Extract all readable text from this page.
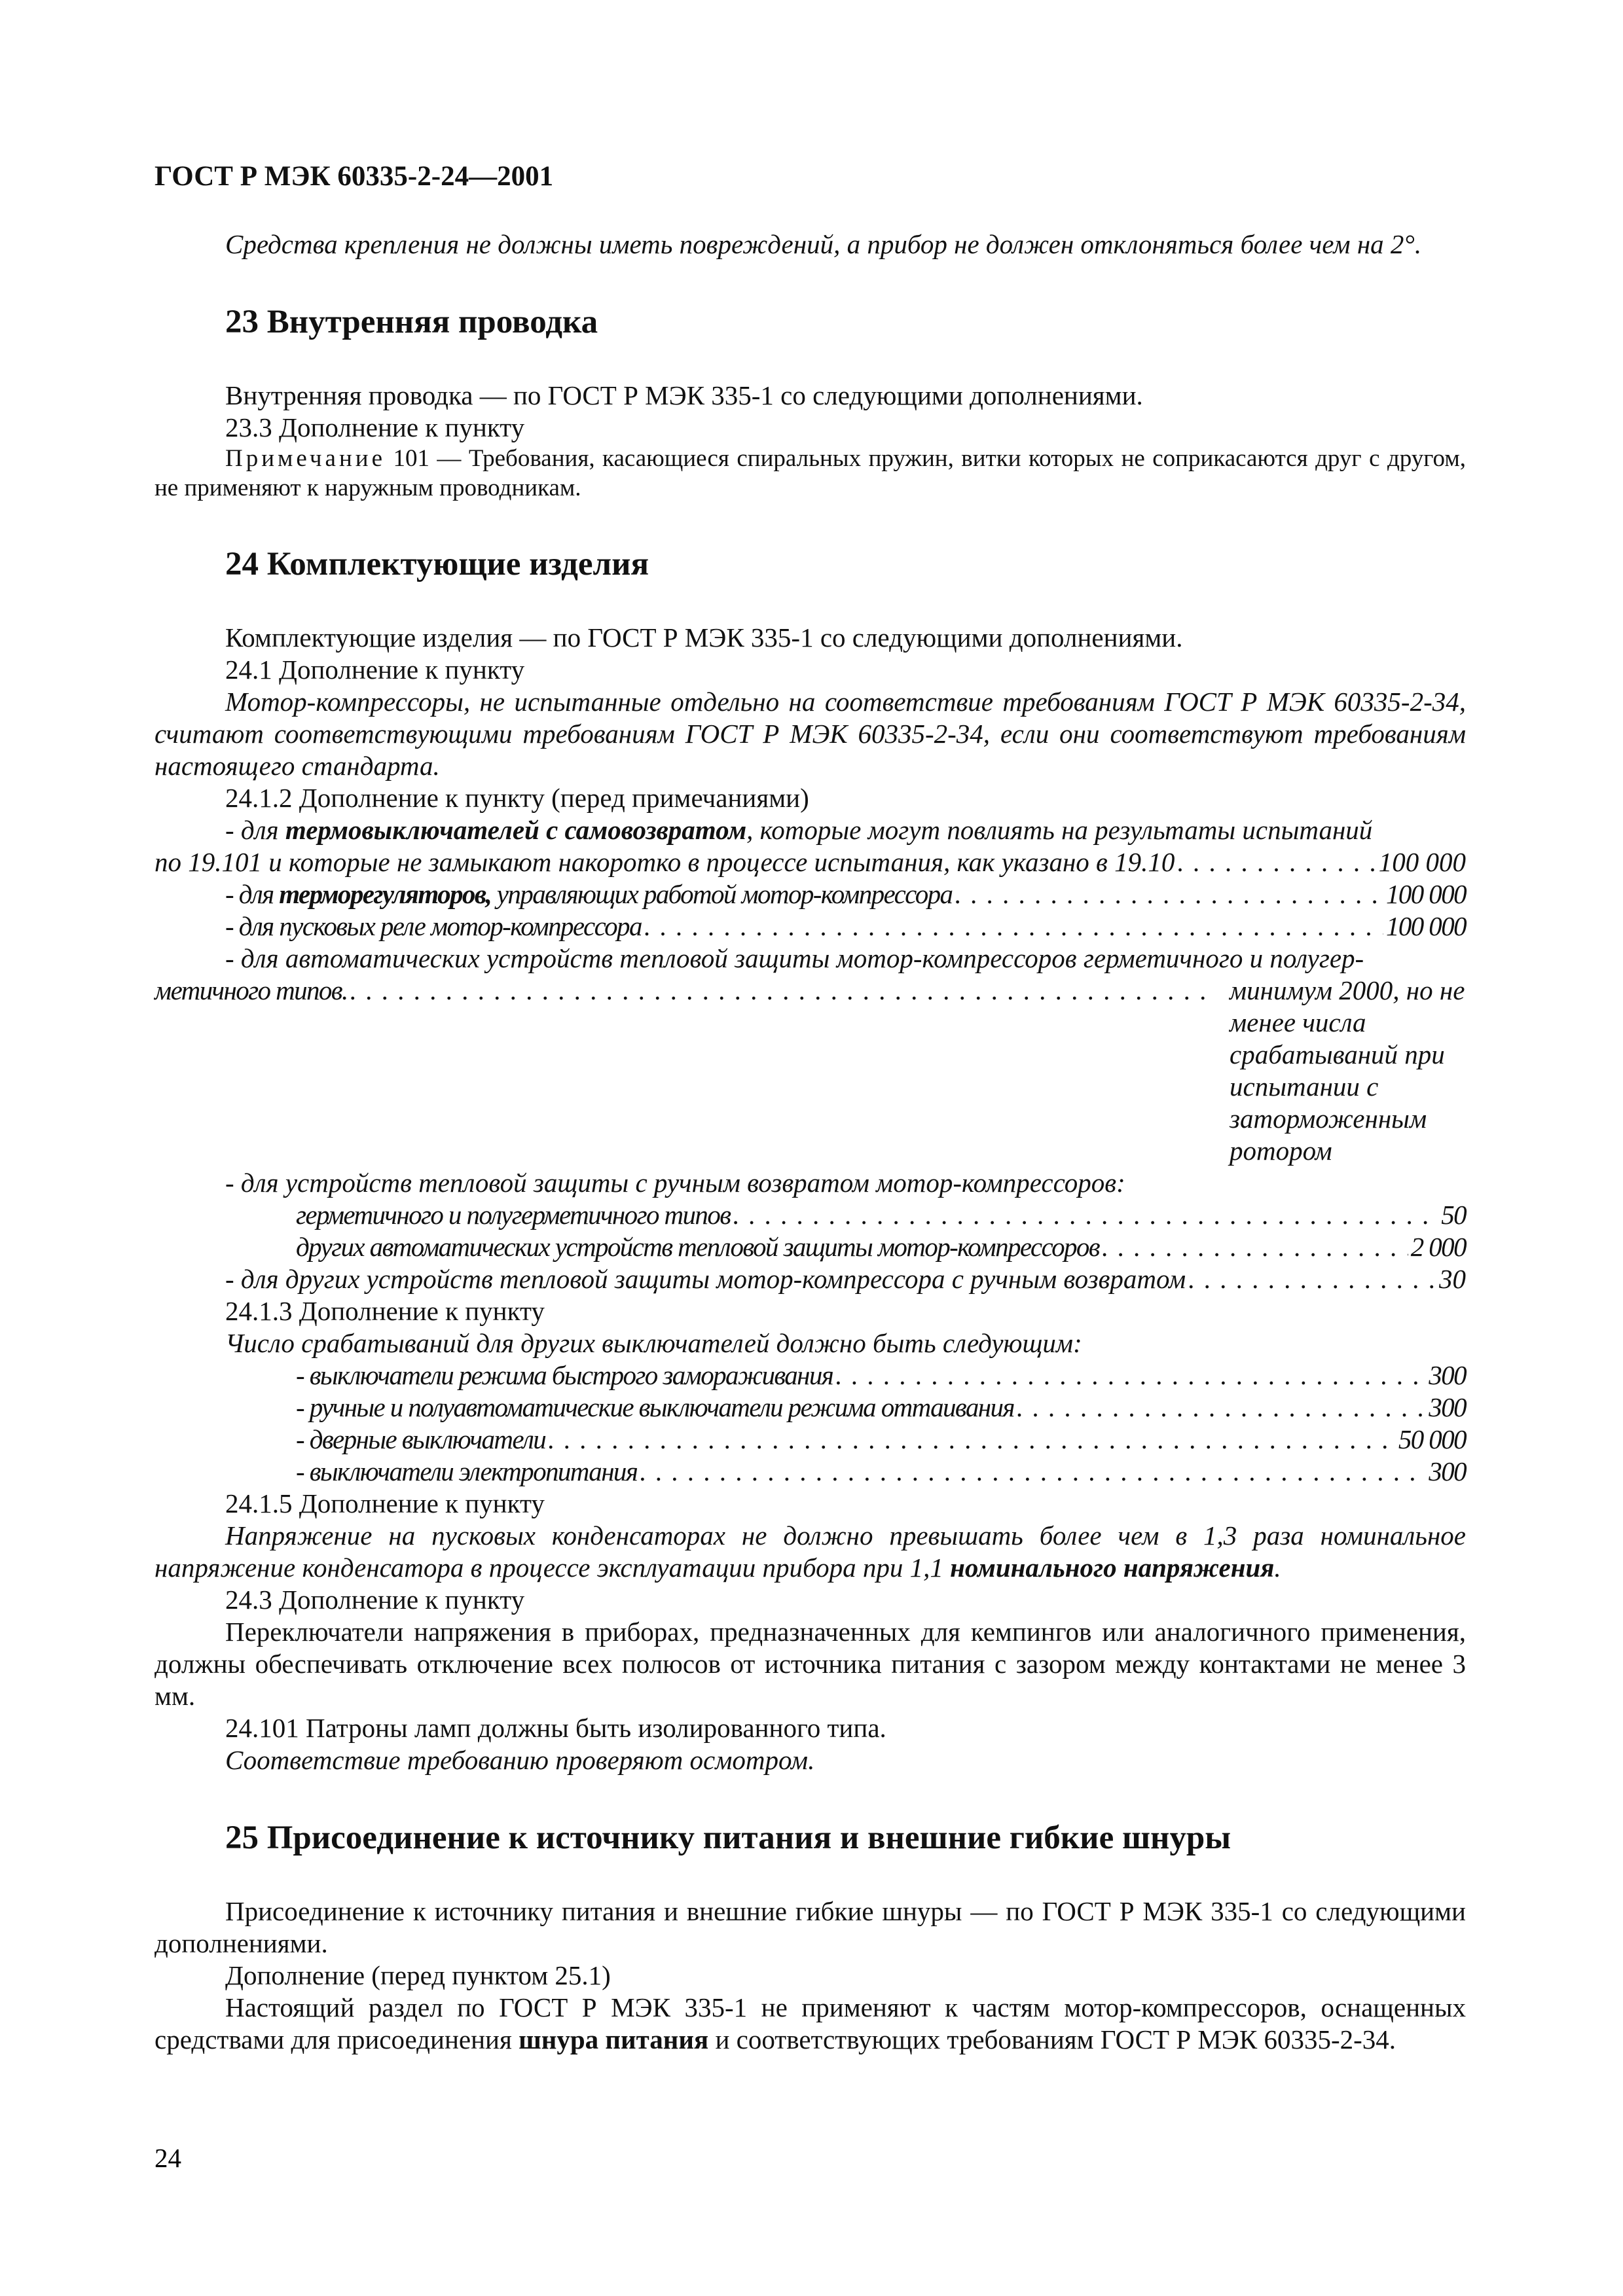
ГОСТ Р МЭК 60335-2-24—2001

Средства крепления не должны иметь повреждений, а прибор не должен отклоняться более чем на 2°.

23 Внутренняя проводка

Внутренняя проводка — по ГОСТ Р МЭК 335-1 со следующими дополнениями.

23.3 Дополнение к пункту

Примечание 101 — Требования, касающиеся спиральных пружин, витки которых не соприкасаются друг с другом, не применяют к наружным проводникам.

24 Комплектующие изделия

Комплектующие изделия — по ГОСТ Р МЭК 335-1 со следующими дополнениями.

24.1 Дополнение к пункту

Мотор-компрессоры, не испытанные отдельно на соответствие требованиям ГОСТ Р МЭК 60335-2-34, считают соответствующими требованиям ГОСТ Р МЭК 60335-2-34, если они соответствуют требованиям настоящего стандарта.

24.1.2 Дополнение к пункту (перед примечаниями)

- для термовыключателей с самовозвратом, которые могут повлиять на результаты испытаний

по 19.101 и которые не замыкают накоротко в процессе испытания, как указано в 19.10 . . .	100 000
- для терморегуляторов, управляющих работой мотор-компрессора . . .	100 000
- для пусковых реле мотор-компрессора . . .	100 000

- для автоматических устройств тепловой защиты мотор-компрессоров герметичного и полугер-

метичного типов. . . .	минимум 2000, но не менее числа срабатываний при испытании с заторможенным ротором

- для устройств тепловой защиты с ручным возвратом мотор-компрессоров:

герметичного и полугерметичного типов . . .	50
других автоматических устройств тепловой защиты мотор-компрессоров . . .	2 000
- для других устройств тепловой защиты мотор-компрессора с ручным возвратом . . .	30

24.1.3 Дополнение к пункту

Число срабатываний для других выключателей должно быть следующим:

- выключатели режима быстрого замораживания . . .	300
- ручные и полуавтоматические выключатели режима оттаивания . . .	300
- дверные выключатели . . .	50 000
- выключатели электропитания . . .	300

24.1.5 Дополнение к пункту

Напряжение на пусковых конденсаторах не должно превышать более чем в 1,3 раза номинальное напряжение конденсатора в процессе эксплуатации прибора при 1,1 номинального напряжения.

24.3 Дополнение к пункту

Переключатели напряжения в приборах, предназначенных для кемпингов или аналогичного применения, должны обеспечивать отключение всех полюсов от источника питания с зазором между контактами не менее 3 мм.

24.101 Патроны ламп должны быть изолированного типа.

Соответствие требованию проверяют осмотром.

25 Присоединение к источнику питания и внешние гибкие шнуры

Присоединение к источнику питания и внешние гибкие шнуры — по ГОСТ Р МЭК 335-1 со следующими дополнениями.

Дополнение (перед пунктом 25.1)

Настоящий раздел по ГОСТ Р МЭК 335-1 не применяют к частям мотор-компрессоров, оснащенных средствами для присоединения шнура питания и соответствующих требованиям ГОСТ Р МЭК 60335-2-34.

24
